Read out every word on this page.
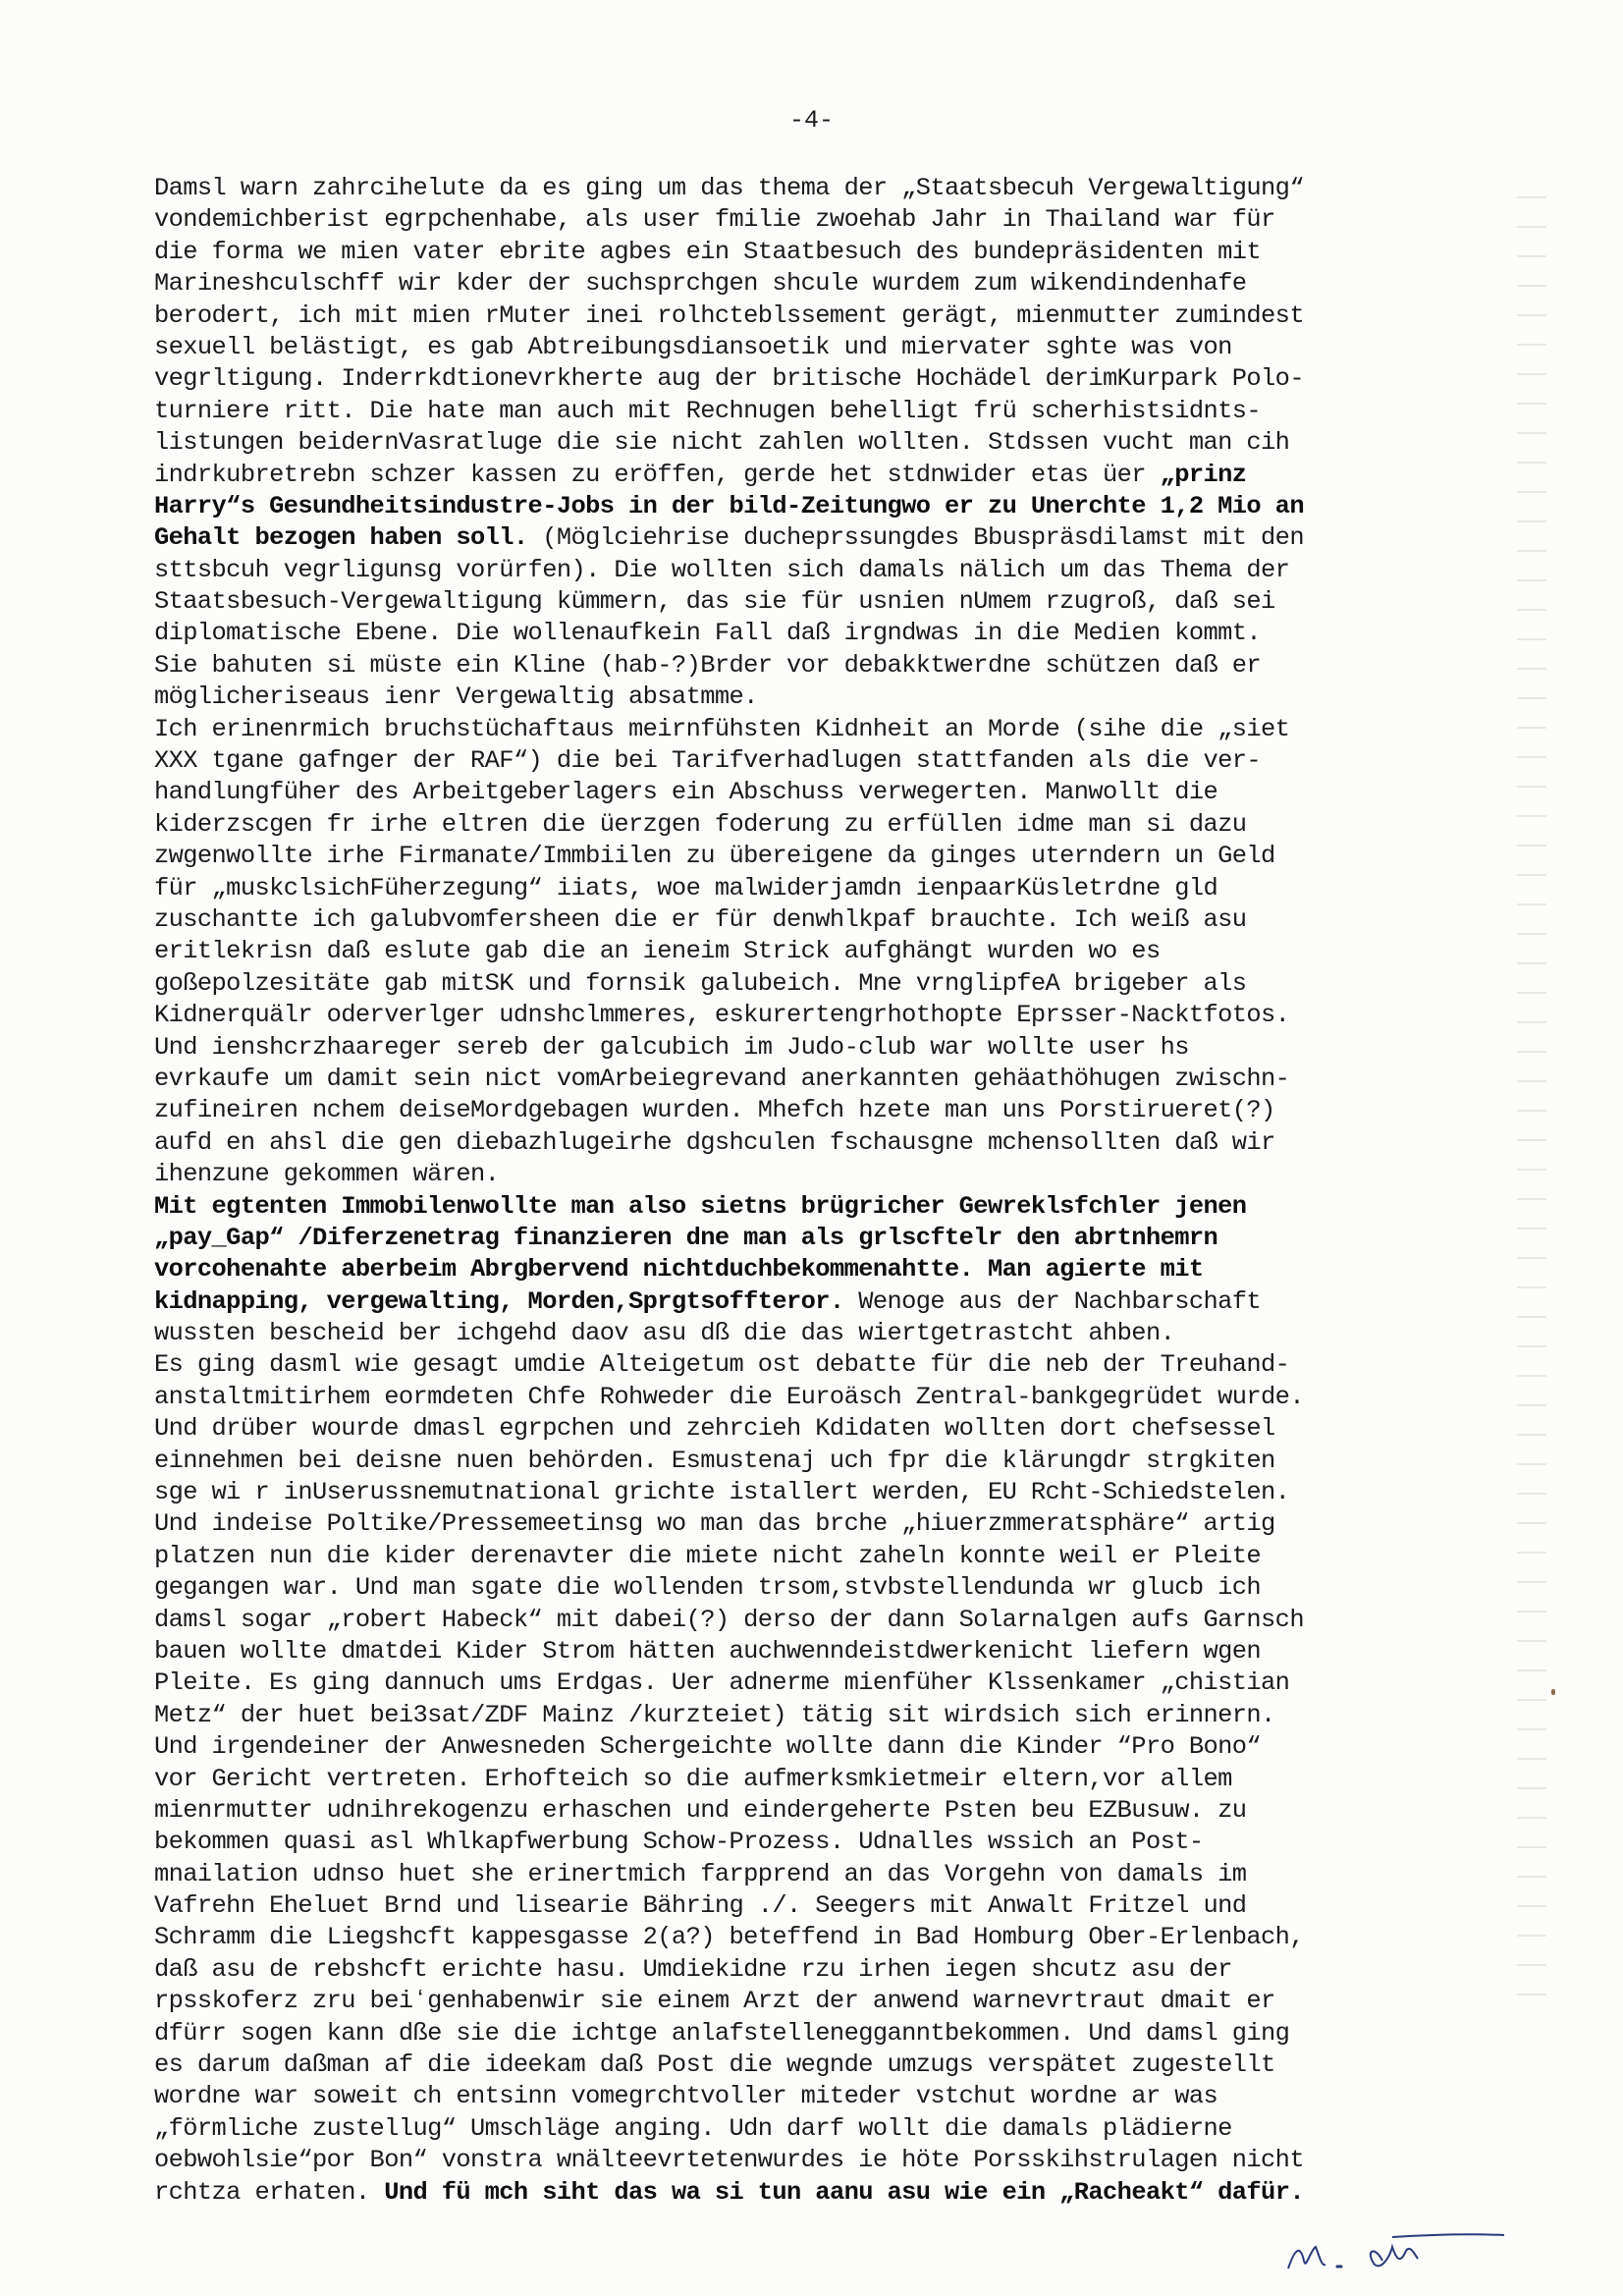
-4-
Damsl warn zahrcihelute da es ging um das thema der „Staatsbecuh Vergewaltigung“
vondemichberist egrpchenhabe, als user fmilie zwoehab Jahr in Thailand war für
die forma we mien vater ebrite agbes ein Staatbesuch des bundepräsidenten mit
Marineshculschff wir kder der suchsprchgen shcule wurdem zum wikendindenhafe
berodert, ich mit mien rMuter inei rolhcteblssement gerägt, mienmutter zumindest
sexuell belästigt, es gab Abtreibungsdiansoetik und miervater sghte was von
vegrltigung. Inderrkdtionevrkherte aug der britische Hochädel derimKurpark Polo-
turniere ritt. Die hate man auch mit Rechnugen behelligt frü scherhistsidnts-
listungen beidernVasratluge die sie nicht zahlen wollten. Stdssen vucht man cih
indrkubretrebn schzer kassen zu eröffen, gerde het stdnwider etas üer „prinz
Harry“s Gesundheitsindustre-Jobs in der bild-Zeitungwo er zu Unerchte 1,2 Mio an
Gehalt bezogen haben soll. (Möglciehrise duchеprssungdes Bbuspräsdilamst mit den
sttsbcuh vegrligunsg vorürfen). Die wollten sich damals nälich um das Thema der
Staatsbesuch-Vergewaltigung kümmern, das sie für usnien nUmem rzugroß, daß sei
diplomatische Ebene. Die wollenaufkein Fall daß irgndwas in die Medien kommt.
Sie bahuten si müste ein Kline (hab-?)Brder vor debakktwerdne schützen daß er
möglicheriseaus ienr Vergewaltig absatmme.
Ich erinenrmich bruchstüchaftaus meirnfühsten Kidnheit an Morde (sihe die „siet
XXX tgane gafnger der RAF“) die bei Tarifverhadlugen stattfanden als die ver-
handlungfüher des Arbeitgeberlagers ein Abschuss verwegerten. Manwollt die
kiderzscgen fr irhe eltren die üerzgen foderung zu erfüllen idme man si dazu
zwgenwollte irhe Firmanate/Immbiilen zu übereigene da ginges uterndern un Geld
für „muskсlsichFüherzegung“ iiats, woe malwiderjamdn ienpaarKüsletrdne gld
zuschantte ich galubvomfersheen die er für denwhlkpaf brauchte. Ich weiß asu
eritlekrisn daß eslute gab die an ieneim Strick aufghängt wurden wo es
goßepolzesitäte gab mitSK und fornsik galubeich. Mne vrnglipfeA brigeber als
Kidnerquälr oderverlger udnshclmmeres, eskurertengrhothopte Eprsser-Nacktfotos.
Und ienshcrzhaareger sereb der galcubich im Judo-club war wollte user hs
evrkaufe um damit sein nict vomArbeiegrevand anerkannten gehäathöhugen zwischn-
zufineiren nchem deiseMordgebagen wurden. Mhefch hzete man uns Porstirueret(?)
aufd en ahsl die gen diebazhlugeirhe dgshculen fschausgne mchensollten daß wir
ihenzune gekommen wären.
Mit egtenten Immobilenwollte man also sietns brügricher Gewreklsfchler jenen
„pay_Gap“ /Diferzenetrag finanzieren dne man als grlscftelr den abrtnhemrn
vorcohenahte aberbeim Abrgbervend nichtduchbekommenahtte. Man agierte mit
kidnapping, vergewalting, Morden,Sprgtsoffteror. Wenoge aus der Nachbarschaft
wussten bescheid ber ichgehd daov asu dß die das wiertgetrastcht ahben.
Es ging dasml wie gesagt umdie Alteigetum ost debatte für die neb der Treuhand-
anstaltmitirhem eormdeten Chfe Rohweder die Euroäsch Zentral-bankgegrüdet wurde.
Und drüber wourde dmasl egrpchen und zehrcieh Kdidaten wollten dort chefsessel
einnehmen bei deisne nuen behörden. Esmustenaj uch fpr die klärungdr strgkiten
sge wi r inUserussnemutnational grichte istallert werden, EU Rcht-Schiedstelen.
Und indeise Poltike/Pressemeetinsg wo man das brche „hiuerzmmeratsphäre“ artig
platzen nun die kider derenavter die miete nicht zaheln konnte weil er Pleite
gegangen war. Und man sgate die wollenden trsom,stvbstellendunda wr glucb ich
damsl sogar „robert Habeck“ mit dabei(?) derso der dann Solarnalgen aufs Garnsch
bauen wollte dmatdei Kider Strom hätten auchwenndeistdwerkenicht liefern wgen
Pleite. Es ging dannuch ums Erdgas. Uer adnerme mienfüher Klssenkamer „chistian
Metz“ der huet bei3sat/ZDF Mainz /kurzteiet) tätig sit wirdsich sich erinnern.
Und irgendeiner der Anwesneden Schergeichte wollte dann die Kinder “Pro Bono“
vor Gericht vertreten. Erhofteich so die aufmerksmkietmeir eltern,vor allem
mienrmutter udnihrekogenzu erhaschen und eindergeherte Psten beu EZBusuw. zu
bekommen quasi asl Whlkapfwerbung Schow-Prozess. Udnalles wssich an Post-
mnailation udnso huet she erinertmich farpprend an das Vorgehn von damals im
Vafrehn Eheluet Brnd und lisearie Bähring ./. Seegers mit Anwalt Fritzel und
Schramm die Liegshcft kappesgasse 2(a?) beteffend in Bad Homburg Ober-Erlenbach,
daß asu de rebshcft erichte hasu. Umdiekidne rzu irhen iegen shcutz asu der
rpsskoferz zru beiʻgenhabenwir sie einem Arzt der anwend warnevrtraut dmait er
dfürr sogen kann dße sie die ichtge anlafstellenegganntbekommen. Und damsl ging
es darum daßman af die ideekam daß Post die wegnde umzugs verspätet zugestellt
wordne war soweit ch entsinn vomegrchtvoller miteder vstchut wordne ar was
„förmliche zustellug“ Umschläge anging. Udn darf wollt die damals plädierne
oebwohlsie“por Bon“ vonstra wnälteevrtetenwurdes ie höte Porsskihstrulagen nicht
rchtza erhaten. Und fü mch siht das wa si tun aanu asu wie ein „Racheakt“ dafür.
